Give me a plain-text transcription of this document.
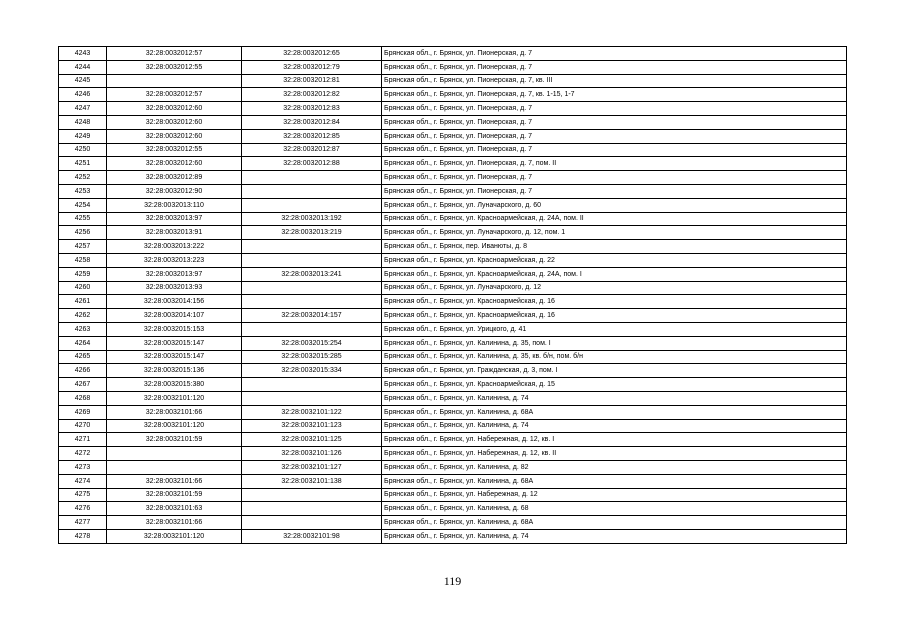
4243	32:28:0032012:57	32:28:0032012:65	Брянская обл., г. Брянск, ул. Пионерская, д. 7
4244	32:28:0032012:55	32:28:0032012:79	Брянская обл., г. Брянск, ул. Пионерская, д. 7
4245		32:28:0032012:81	Брянская обл., г. Брянск, ул. Пионерская, д. 7, кв. III
4246	32:28:0032012:57	32:28:0032012:82	Брянская обл., г. Брянск, ул. Пионерская, д. 7, кв. 1-15, 1-7
4247	32:28:0032012:60	32:28:0032012:83	Брянская обл., г. Брянск, ул. Пионерская, д. 7
4248	32:28:0032012:60	32:28:0032012:84	Брянская обл., г. Брянск, ул. Пионерская, д. 7
4249	32:28:0032012:60	32:28:0032012:85	Брянская обл., г. Брянск, ул. Пионерская, д. 7
4250	32:28:0032012:55	32:28:0032012:87	Брянская обл., г. Брянск, ул. Пионерская, д. 7
4251	32:28:0032012:60	32:28:0032012:88	Брянская обл., г. Брянск, ул. Пионерская, д. 7, пом. II
4252	32:28:0032012:89		Брянская обл., г. Брянск, ул. Пионерская, д. 7
4253	32:28:0032012:90		Брянская обл., г. Брянск, ул. Пионерская, д. 7
4254	32:28:0032013:110		Брянская обл., г. Брянск, ул. Луначарского, д. 60
4255	32:28:0032013:97	32:28:0032013:192	Брянская обл., г. Брянск, ул. Красноармейская, д. 24А, пом. II
4256	32:28:0032013:91	32:28:0032013:219	Брянская обл., г. Брянск, ул. Луначарского, д. 12, пом. 1
4257	32:28:0032013:222		Брянская обл., г. Брянск, пер. Иванюты, д. 8
4258	32:28:0032013:223		Брянская обл., г. Брянск, ул. Красноармейская, д. 22
4259	32:28:0032013:97	32:28:0032013:241	Брянская обл., г. Брянск, ул. Красноармейская, д. 24А, пом. I
4260	32:28:0032013:93		Брянская обл., г. Брянск, ул. Луначарского, д. 12
4261	32:28:0032014:156		Брянская обл., г. Брянск, ул. Красноармейская, д. 16
4262	32:28:0032014:107	32:28:0032014:157	Брянская обл., г. Брянск, ул. Красноармейская, д. 16
4263	32:28:0032015:153		Брянская обл., г. Брянск, ул. Урицкого, д. 41
4264	32:28:0032015:147	32:28:0032015:254	Брянская обл., г. Брянск, ул. Калинина, д. 35, пом. I
4265	32:28:0032015:147	32:28:0032015:285	Брянская обл., г. Брянск, ул. Калинина, д. 35, кв. б/н, пом. б/н
4266	32:28:0032015:136	32:28:0032015:334	Брянская обл., г. Брянск, ул. Гражданская, д. 3, пом. I
4267	32:28:0032015:380		Брянская обл., г. Брянск, ул. Красноармейская, д. 15
4268	32:28:0032101:120		Брянская обл., г. Брянск, ул. Калинина, д. 74
4269	32:28:0032101:66	32:28:0032101:122	Брянская обл., г. Брянск, ул. Калинина, д. 68А
4270	32:28:0032101:120	32:28:0032101:123	Брянская обл., г. Брянск, ул. Калинина, д. 74
4271	32:28:0032101:59	32:28:0032101:125	Брянская обл., г. Брянск, ул. Набережная, д. 12, кв. I
4272		32:28:0032101:126	Брянская обл., г. Брянск, ул. Набережная, д. 12, кв. II
4273		32:28:0032101:127	Брянская обл., г. Брянск, ул. Калинина, д. 82
4274	32:28:0032101:66	32:28:0032101:138	Брянская обл., г. Брянск, ул. Калинина, д. 68А
4275	32:28:0032101:59		Брянская обл., г. Брянск, ул. Набережная, д. 12
4276	32:28:0032101:63		Брянская обл., г. Брянск, ул. Калинина, д. 68
4277	32:28:0032101:66		Брянская обл., г. Брянск, ул. Калинина, д. 68А
4278	32:28:0032101:120	32:28:0032101:98	Брянская обл., г. Брянск, ул. Калинина, д. 74
119
